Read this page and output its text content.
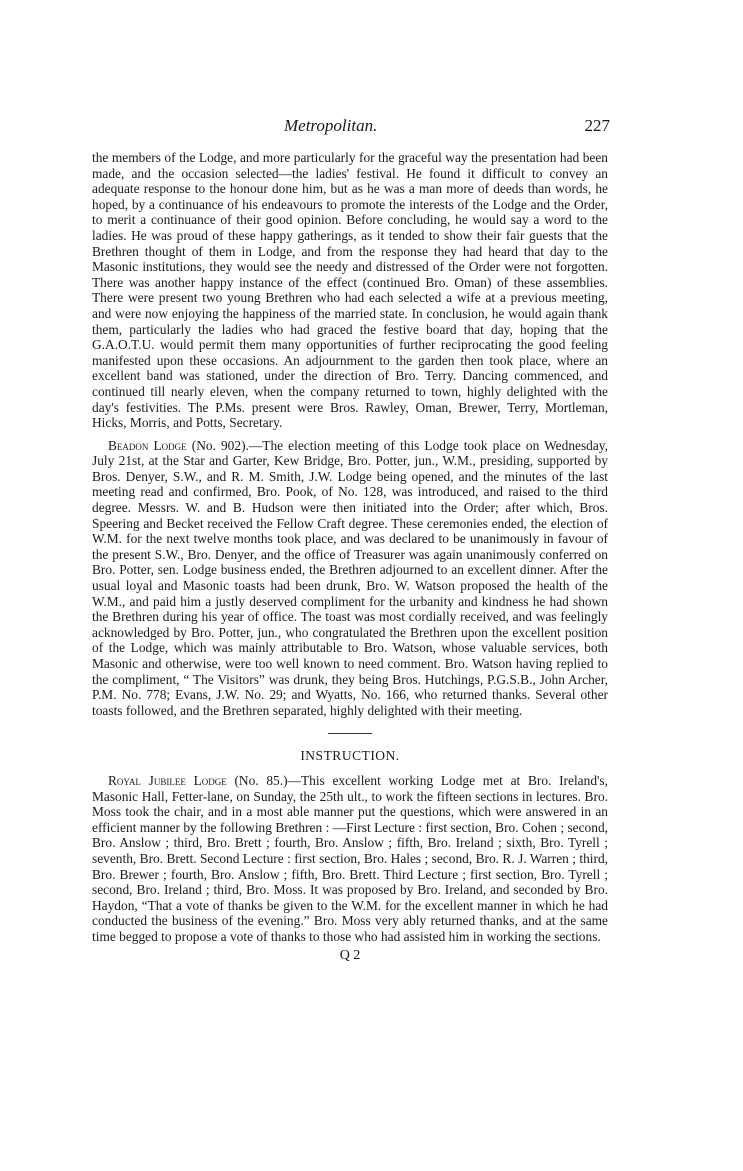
Metropolitan.	227

the members of the Lodge, and more particularly for the graceful way the presentation had been made, and the occasion selected—the ladies' festival. He found it difficult to convey an adequate response to the honour done him, but as he was a man more of deeds than words, he hoped, by a continuance of his endeavours to promote the interests of the Lodge and the Order, to merit a continuance of their good opinion. Before concluding, he would say a word to the ladies. He was proud of these happy gatherings, as it tended to show their fair guests that the Brethren thought of them in Lodge, and from the response they had heard that day to the Masonic institutions, they would see the needy and distressed of the Order were not forgotten. There was another happy instance of the effect (continued Bro. Oman) of these assemblies. There were present two young Brethren who had each selected a wife at a previous meeting, and were now enjoying the happiness of the married state. In conclusion, he would again thank them, particularly the ladies who had graced the festive board that day, hoping that the G.A.O.T.U. would permit them many opportunities of further reciprocating the good feeling manifested upon these occasions. An adjournment to the garden then took place, where an excellent band was stationed, under the direction of Bro. Terry. Dancing commenced, and continued till nearly eleven, when the company returned to town, highly delighted with the day's festivities. The P.Ms. present were Bros. Rawley, Oman, Brewer, Terry, Mortleman, Hicks, Morris, and Potts, Secretary.

Beadon Lodge (No. 902).—The election meeting of this Lodge took place on Wednesday, July 21st, at the Star and Garter, Kew Bridge, Bro. Potter, jun., W.M., presiding, supported by Bros. Denyer, S.W., and R. M. Smith, J.W. Lodge being opened, and the minutes of the last meeting read and confirmed, Bro. Pook, of No. 128, was introduced, and raised to the third degree. Messrs. W. and B. Hudson were then initiated into the Order; after which, Bros. Speering and Becket received the Fellow Craft degree. These ceremonies ended, the election of W.M. for the next twelve months took place, and was declared to be unanimously in favour of the present S.W., Bro. Denyer, and the office of Treasurer was again unanimously conferred on Bro. Potter, sen. Lodge business ended, the Brethren adjourned to an excellent dinner. After the usual loyal and Masonic toasts had been drunk, Bro. W. Watson proposed the health of the W.M., and paid him a justly deserved compliment for the urbanity and kindness he had shown the Brethren during his year of office. The toast was most cordially received, and was feelingly acknowledged by Bro. Potter, jun., who congratulated the Brethren upon the excellent position of the Lodge, which was mainly attributable to Bro. Watson, whose valuable services, both Masonic and otherwise, were too well known to need comment. Bro. Watson having replied to the compliment, “ The Visitors” was drunk, they being Bros. Hutchings, P.G.S.B., John Archer, P.M. No. 778; Evans, J.W. No. 29; and Wyatts, No. 166, who returned thanks. Several other toasts followed, and the Brethren separated, highly delighted with their meeting.

INSTRUCTION.

Royal Jubilee Lodge (No. 85.)—This excellent working Lodge met at Bro. Ireland's, Masonic Hall, Fetter-lane, on Sunday, the 25th ult., to work the fifteen sections in lectures. Bro. Moss took the chair, and in a most able manner put the questions, which were answered in an efficient manner by the following Brethren : —First Lecture : first section, Bro. Cohen ; second, Bro. Anslow ; third, Bro. Brett ; fourth, Bro. Anslow ; fifth, Bro. Ireland ; sixth, Bro. Tyrell ; seventh, Bro. Brett. Second Lecture : first section, Bro. Hales ; second, Bro. R. J. Warren ; third, Bro. Brewer ; fourth, Bro. Anslow ; fifth, Bro. Brett. Third Lecture ; first section, Bro. Tyrell ; second, Bro. Ireland ; third, Bro. Moss. It was proposed by Bro. Ireland, and seconded by Bro. Haydon, “That a vote of thanks be given to the W.M. for the excellent manner in which he had conducted the business of the evening.” Bro. Moss very ably returned thanks, and at the same time begged to propose a vote of thanks to those who had assisted him in working the sections.

Q 2
